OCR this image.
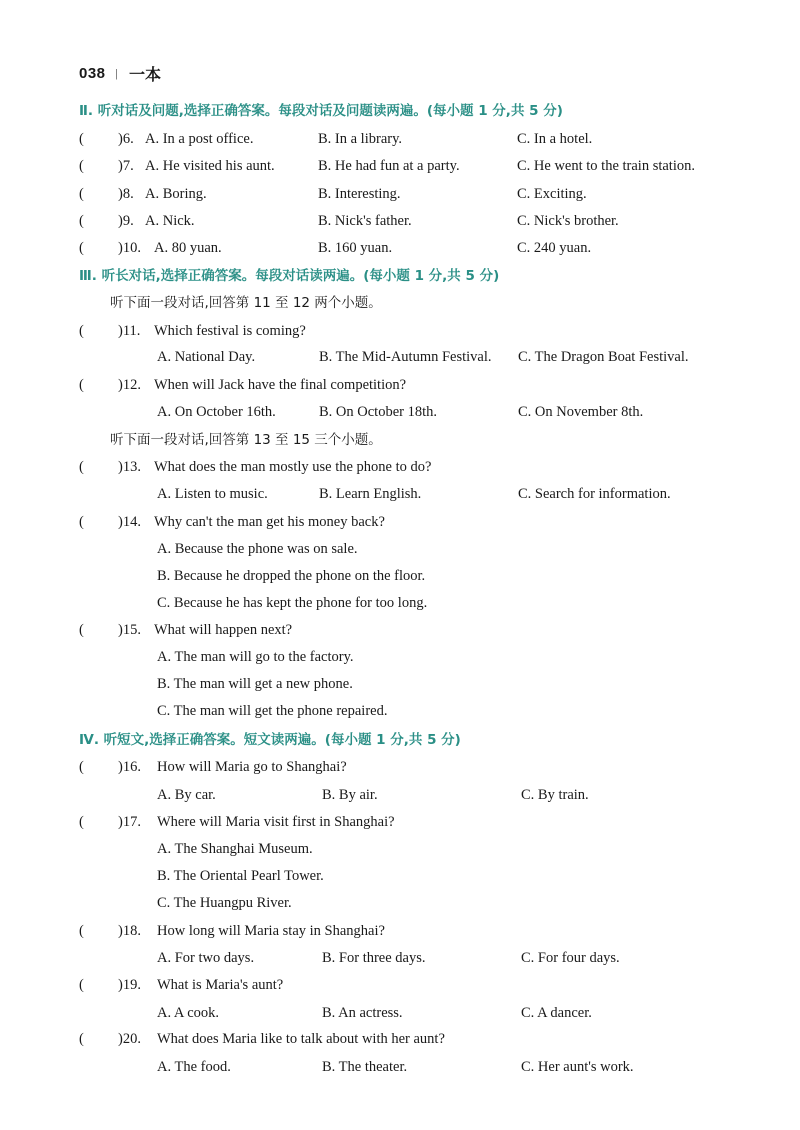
038 | 一本
Ⅱ. 听对话及问题,选择正确答案。每段对话及问题读两遍。(每小题 1 分,共 5 分)
( )6. A. In a post office.	B. In a library.	C. In a hotel.
( )7. A. He visited his aunt.	B. He had fun at a party.	C. He went to the train station.
( )8. A. Boring.	B. Interesting.	C. Exciting.
( )9. A. Nick.	B. Nick's father.	C. Nick's brother.
( )10. A. 80 yuan.	B. 160 yuan.	C. 240 yuan.
Ⅲ. 听长对话,选择正确答案。每段对话读两遍。(每小题 1 分,共 5 分)
听下面一段对话,回答第 11 至 12 两个小题。
( )11. Which festival is coming?
A. National Day.	B. The Mid-Autumn Festival. C. The Dragon Boat Festival.
( )12. When will Jack have the final competition?
A. On October 16th.	B. On October 18th.	C. On November 8th.
听下面一段对话,回答第 13 至 15 三个小题。
( )13. What does the man mostly use the phone to do?
A. Listen to music.	B. Learn English.	C. Search for information.
( )14. Why can't the man get his money back?
A. Because the phone was on sale.
B. Because he dropped the phone on the floor.
C. Because he has kept the phone for too long.
( )15. What will happen next?
A. The man will go to the factory.
B. The man will get a new phone.
C. The man will get the phone repaired.
Ⅳ. 听短文,选择正确答案。短文读两遍。(每小题 1 分,共 5 分)
( )16. How will Maria go to Shanghai?
A. By car.	B. By air.	C. By train.
( )17. Where will Maria visit first in Shanghai?
A. The Shanghai Museum.
B. The Oriental Pearl Tower.
C. The Huangpu River.
( )18. How long will Maria stay in Shanghai?
A. For two days.	B. For three days.	C. For four days.
( )19. What is Maria's aunt?
A. A cook.	B. An actress.	C. A dancer.
( )20. What does Maria like to talk about with her aunt?
A. The food.	B. The theater.	C. Her aunt's work.
